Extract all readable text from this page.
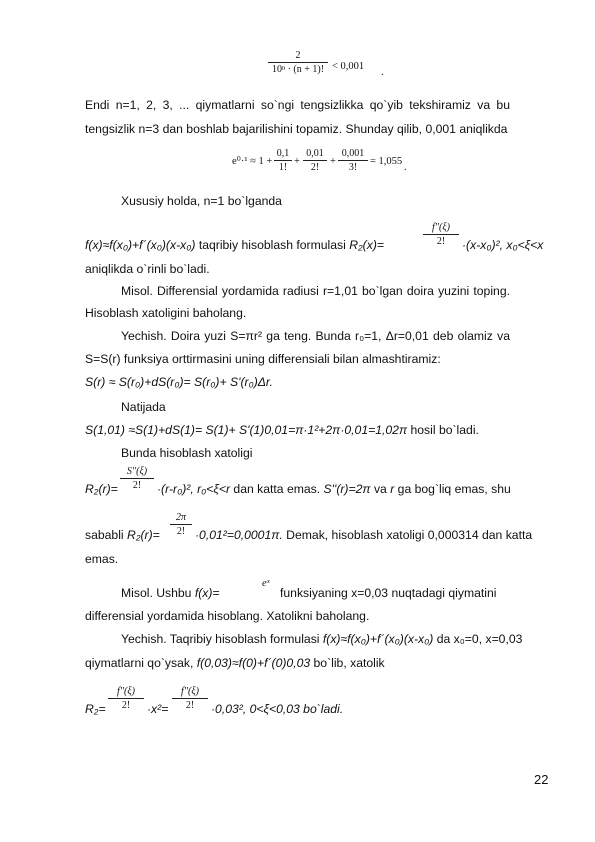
2
10ⁿ · (n + 1)! < 0,001
.
Endi n=1, 2, 3, ... qiymatlarni so`ngi tengsizlikka qo`yib tekshiramiz va bu
tengsizlik n=3 dan boshlab bajarilishini topamiz. Shunday qilib, 0,001 aniqlikda
e⁰·¹ ≈ 1 +
0,1
1!
+
0,01
2!
+
0,001
3!
= 1,055
.
Xususiy holda, n=1 bo`lganda
f(x)≈f(x₀)+f´(x₀)(x-x₀) taqribiy hisoblash formulasi R₂(x)=
f''(ξ)
2!	·(x-x₀)², x₀<ξ<x
aniqlikda o`rinli bo`ladi.
Misol. Differensial yordamida radiusi r=1,01 bo`lgan doira yuzini toping.
Hisoblash xatoligini baholang.
Yechish. Doira yuzi S=πr² ga teng. Bunda r₀=1, Δr=0,01 deb olamiz va
S=S(r) funksiya orttirmasini uning differensiali bilan almashtiramiz:
S(r) ≈ S(r₀)+dS(r₀)= S(r₀)+ S'(r₀)Δr.
Natijada
S(1,01) ≈S(1)+dS(1)= S(1)+ S'(1)0,01=π·1²+2π·0,01=1,02π hosil bo`ladi.
Bunda hisoblash xatoligi
R₂(r)=
S''(ξ)
2!	·(r-r₀)², r₀<ξ<r dan katta emas. S''(r)=2π va r ga bog`liq emas, shu
sababli R₂(r)=
2π
2! ·0,01²=0,0001π. Demak, hisoblash xatoligi 0,000314 dan katta
emas.
Misol. Ushbu f(x)=
eˣ
funksiyaning x=0,03 nuqtadagi qiymatini
differensial yordamida hisoblang. Xatolikni baholang.
Yechish. Taqribiy hisoblash formulasi f(x)≈f(x₀)+f´(x₀)(x-x₀) da x₀=0, x=0,03
qiymatlarni qo`ysak, f(0,03)≈f(0)+f´(0)0,03 bo`lib, xatolik
R₂=
f''(ξ)
2!	·x²=
f''(ξ)
2!	·0,03², 0<ξ<0,03 bo`ladi.
22
